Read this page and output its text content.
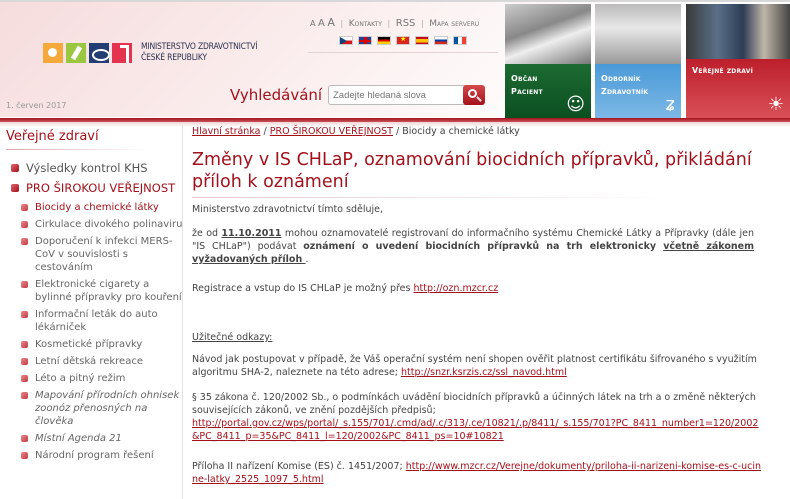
MINISTERSTVO ZDRAVOTNICTVÍ
ČESKÉ REPUBLIKY
1. červen 2017
A A A | Kontakty | RSS | Mapa serveru
★
Vyhledávání
Zadejte hledaná slova
Občan
Pacient
☺
Odborník
Zdravotník
ʑ
Veřejné zdraví
☀
Veřejné zdraví
Výsledky kontrol KHS
PRO ŠIROKOU VEŘEJNOST
Biocidy a chemické látky
Cirkulace divokého polinaviru
Doporučení k infekci MERS-CoV v souvislosti s cestováním
Elektronické cigarety a bylinné přípravky pro kouření
Informační leták do auto lékárniček
Kosmetické přípravky
Letní dětská rekreace
Léto a pitný režim
Mapování přírodních ohnisek zoonóz přenosných na člověka
Místní Agenda 21
Národní program řešení
Hlavní stránka / PRO ŠIROKOU VEŘEJNOST / Biocidy a chemické látky
Změny v IS CHLaP, oznamování biocidních přípravků, přikládání příloh k oznámení
Ministerstvo zdravotnictví tímto sděluje,
že od 11.10.2011 mohou oznamovatelé registrovaní do informačního systému Chemické Látky a Přípravky (dále jen "IS CHLaP") podávat oznámení o uvedení biocidních přípravků na trh elektronicky včetně zákonem vyžadovaných příloh .
Registrace a vstup do IS CHLaP je možný přes http://ozn.mzcr.cz
Užitečné odkazy:
Návod jak postupovat v případě, že Váš operační systém není shopen ověřit platnost certifikátu šifrovaného s využitím algoritmu SHA-2, naleznete na této adrese; http://snzr.ksrzis.cz/ssl_navod.html
§ 35 zákona č. 120/2002 Sb., o podmínkách uvádění biocidních přípravků a účinných látek na trh a o změně některých souvisejících zákonů, ve znění pozdějších předpisů;
http://portal.gov.cz/wps/portal/_s.155/701/.cmd/ad/.c/313/.ce/10821/.p/8411/_s.155/701?PC_8411_number1=120/2002&PC_8411_p=35&PC_8411_l=120/2002&PC_8411_ps=10#10821
Příloha II nařízení Komise (ES) č. 1451/2007; http://www.mzcr.cz/Verejne/dokumenty/priloha-ii-narizeni-komise-es-c-ucinne-latky_2525_1097_5.html
